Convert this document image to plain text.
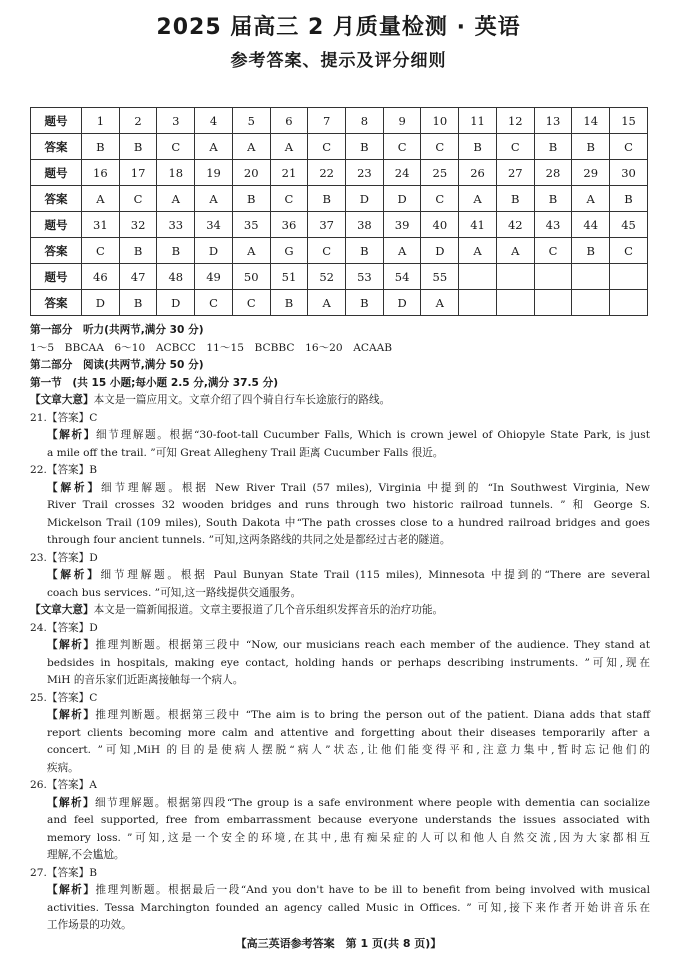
2025 届高三 2 月质量检测 · 英语
参考答案、提示及评分细则
题号	1	2	3	4	5	6	7	8	9	10	11	12	13	14	15
答案	B	B	C	A	A	A	C	B	C	C	B	C	B	B	C
题号	16	17	18	19	20	21	22	23	24	25	26	27	28	29	30
答案	A	C	A	A	B	C	B	D	D	C	A	B	B	A	B
题号	31	32	33	34	35	36	37	38	39	40	41	42	43	44	45
答案	C	B	B	D	A	G	C	B	A	D	A	A	C	B	C
题号	46	47	48	49	50	51	52	53	54	55					
答案	D	B	D	C	C	B	A	B	D	A					

第一部分　听力(共两节,满分 30 分)

1～5　BBCAA　6～10　ACBCC　11～15　BCBBC　16～20　ACAAB

第二部分　阅读(共两节,满分 50 分)

第一节　(共 15 小题;每小题 2.5 分,满分 37.5 分)

【文章大意】本文是一篇应用文。文章介绍了四个骑自行车长途旅行的路线。

21.【答案】C

【解析】细节理解题。根据“30-foot-tall Cucumber Falls, Which is crown jewel of Ohiopyle State Park, is just

a mile off the trail. ”可知 Great Allegheny Trail 距离 Cucumber Falls 很近。

22.【答案】B

【解析】细节理解题。根据 New River Trail (57 miles), Virginia 中提到的 “In Southwest Virginia, New

River Trail crosses 32 wooden bridges and runs through two historic railroad tunnels. ” 和 George S.

Mickelson Trail (109 miles), South Dakota 中“The path crosses close to a hundred railroad bridges and goes

through four ancient tunnels. ”可知,这两条路线的共同之处是都经过古老的隧道。

23.【答案】D

【解析】细节理解题。根据 Paul Bunyan State Trail (115 miles), Minnesota 中提到的“There are several

coach bus services. ”可知,这一路线提供交通服务。

【文章大意】本文是一篇新闻报道。文章主要报道了几个音乐组织发挥音乐的治疗功能。

24.【答案】D

【解析】推理判断题。根据第三段中 “Now, our musicians reach each member of the audience. They stand at

bedsides in hospitals, making eye contact, holding hands or perhaps describing instruments. ”可知,现在

MiH 的音乐家们近距离接触每一个病人。

25.【答案】C

【解析】推理判断题。根据第三段中 “The aim is to bring the person out of the patient. Diana adds that staff

report clients becoming more calm and attentive and forgetting about their diseases temporarily after a

concert. ”可知,MiH 的目的是使病人摆脱“病人”状态,让他们能变得平和,注意力集中,暂时忘记他们的

疾病。

26.【答案】A

【解析】细节理解题。根据第四段“The group is a safe environment where people with dementia can socialize

and feel supported, free from embarrassment because everyone understands the issues associated with

memory loss. ”可知,这是一个安全的环境,在其中,患有痴呆症的人可以和他人自然交流,因为大家都相互

理解,不会尴尬。

27.【答案】B

【解析】推理判断题。根据最后一段“And you don't have to be ill to benefit from being involved with musical

activities. Tessa Marchington founded an agency called Music in Offices. ” 可知,接下来作者开始讲音乐在

工作场景的功效。

【高三英语参考答案　第 1 页(共 8 页)】
